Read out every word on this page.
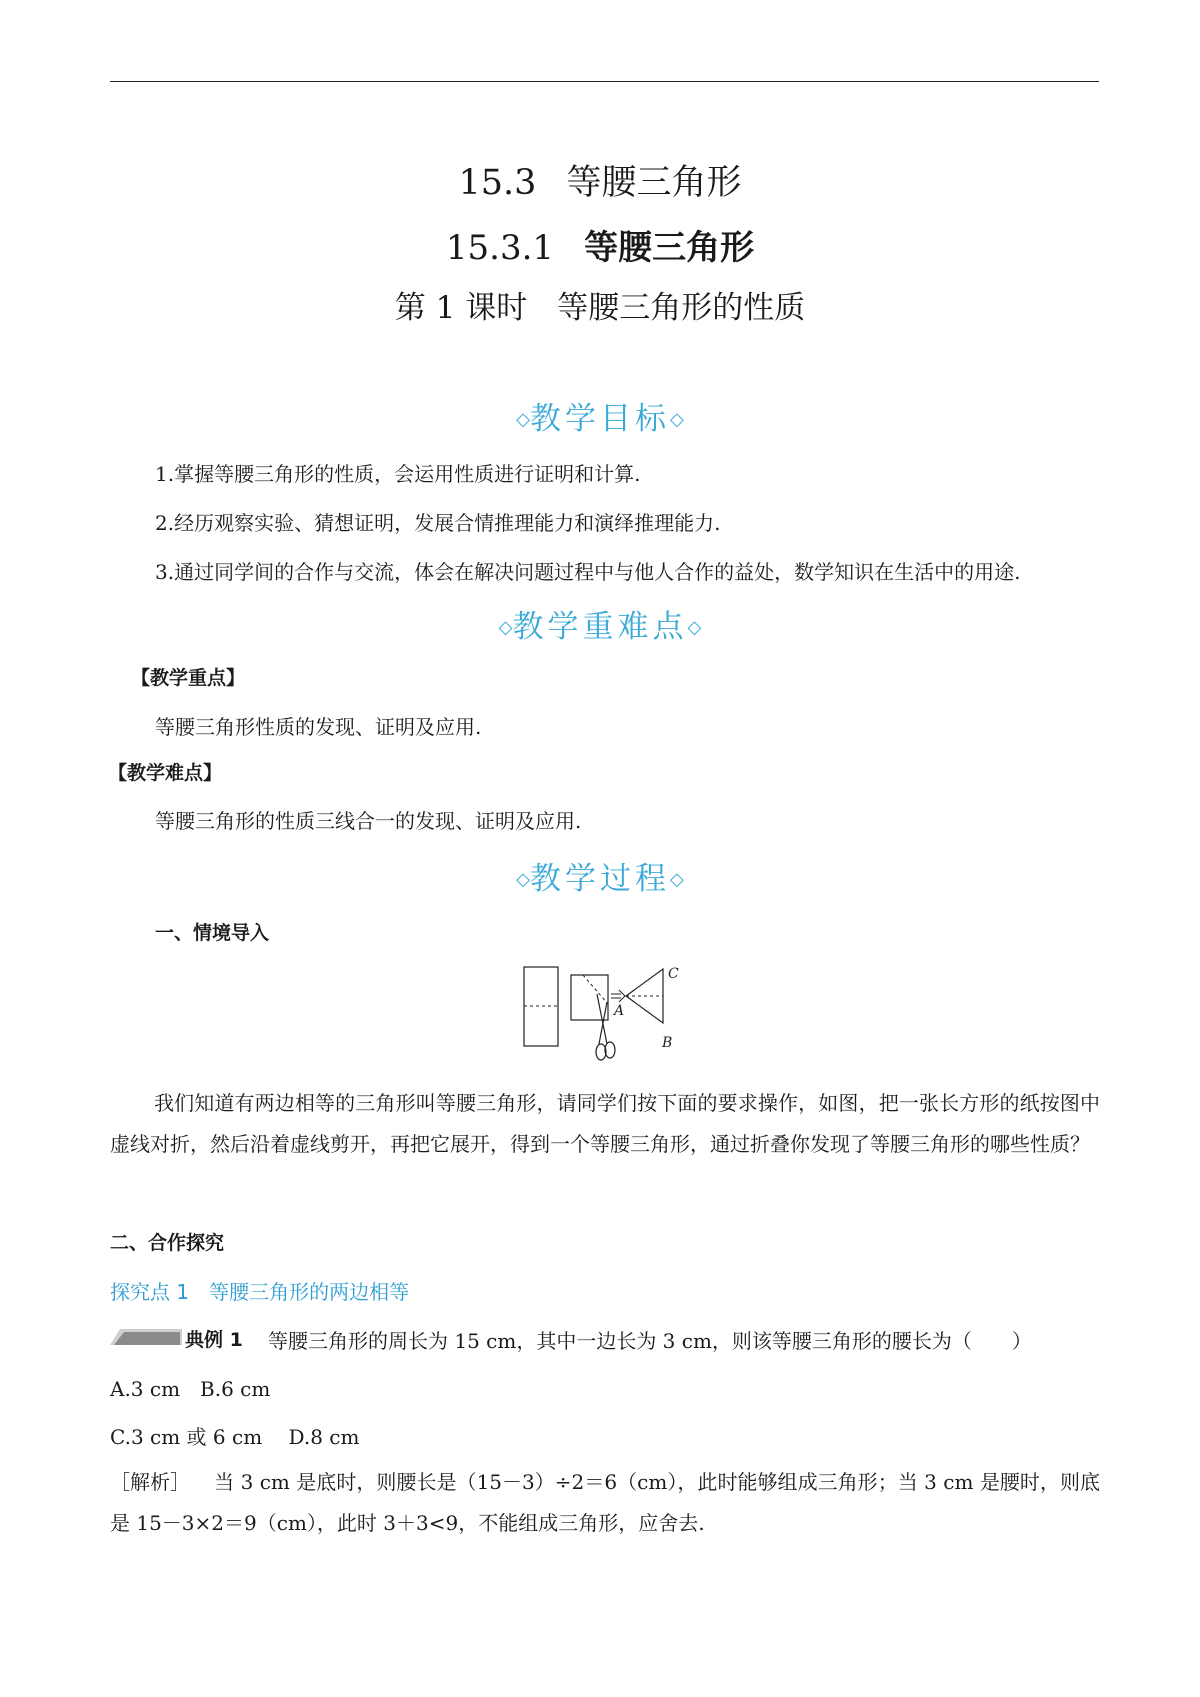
15.3 等腰三角形
15.3.1 等腰三角形
第 1 课时 等腰三角形的性质
◇教学目标◇
1.掌握等腰三角形的性质，会运用性质进行证明和计算.
2.经历观察实验、猜想证明，发展合情推理能力和演绎推理能力.
3.通过同学间的合作与交流，体会在解决问题过程中与他人合作的益处，数学知识在生活中的用途.
◇教学重难点◇
【教学重点】
等腰三角形性质的发现、证明及应用.
【教学难点】
等腰三角形的性质三线合一的发现、证明及应用.
◇教学过程◇
一、情境导入
C
A
B
我们知道有两边相等的三角形叫等腰三角形，请同学们按下面的要求操作，如图，把一张长方形的纸按图中虚线对折，然后沿着虚线剪开，再把它展开，得到一个等腰三角形，通过折叠你发现了等腰三角形的哪些性质？
二、合作探究
探究点 1　等腰三角形的两边相等
典例 1 等腰三角形的周长为 15 cm，其中一边长为 3 cm，则该等腰三角形的腰长为（　　）
A.3 cm　B.6 cm
C.3 cm 或 6 cm　 D.8 cm
［解析］ 当 3 cm 是底时，则腰长是（15－3）÷2＝6（cm），此时能够组成三角形；当 3 cm 是腰时，则底是 15－3×2＝9（cm），此时 3＋3<9，不能组成三角形，应舍去.
